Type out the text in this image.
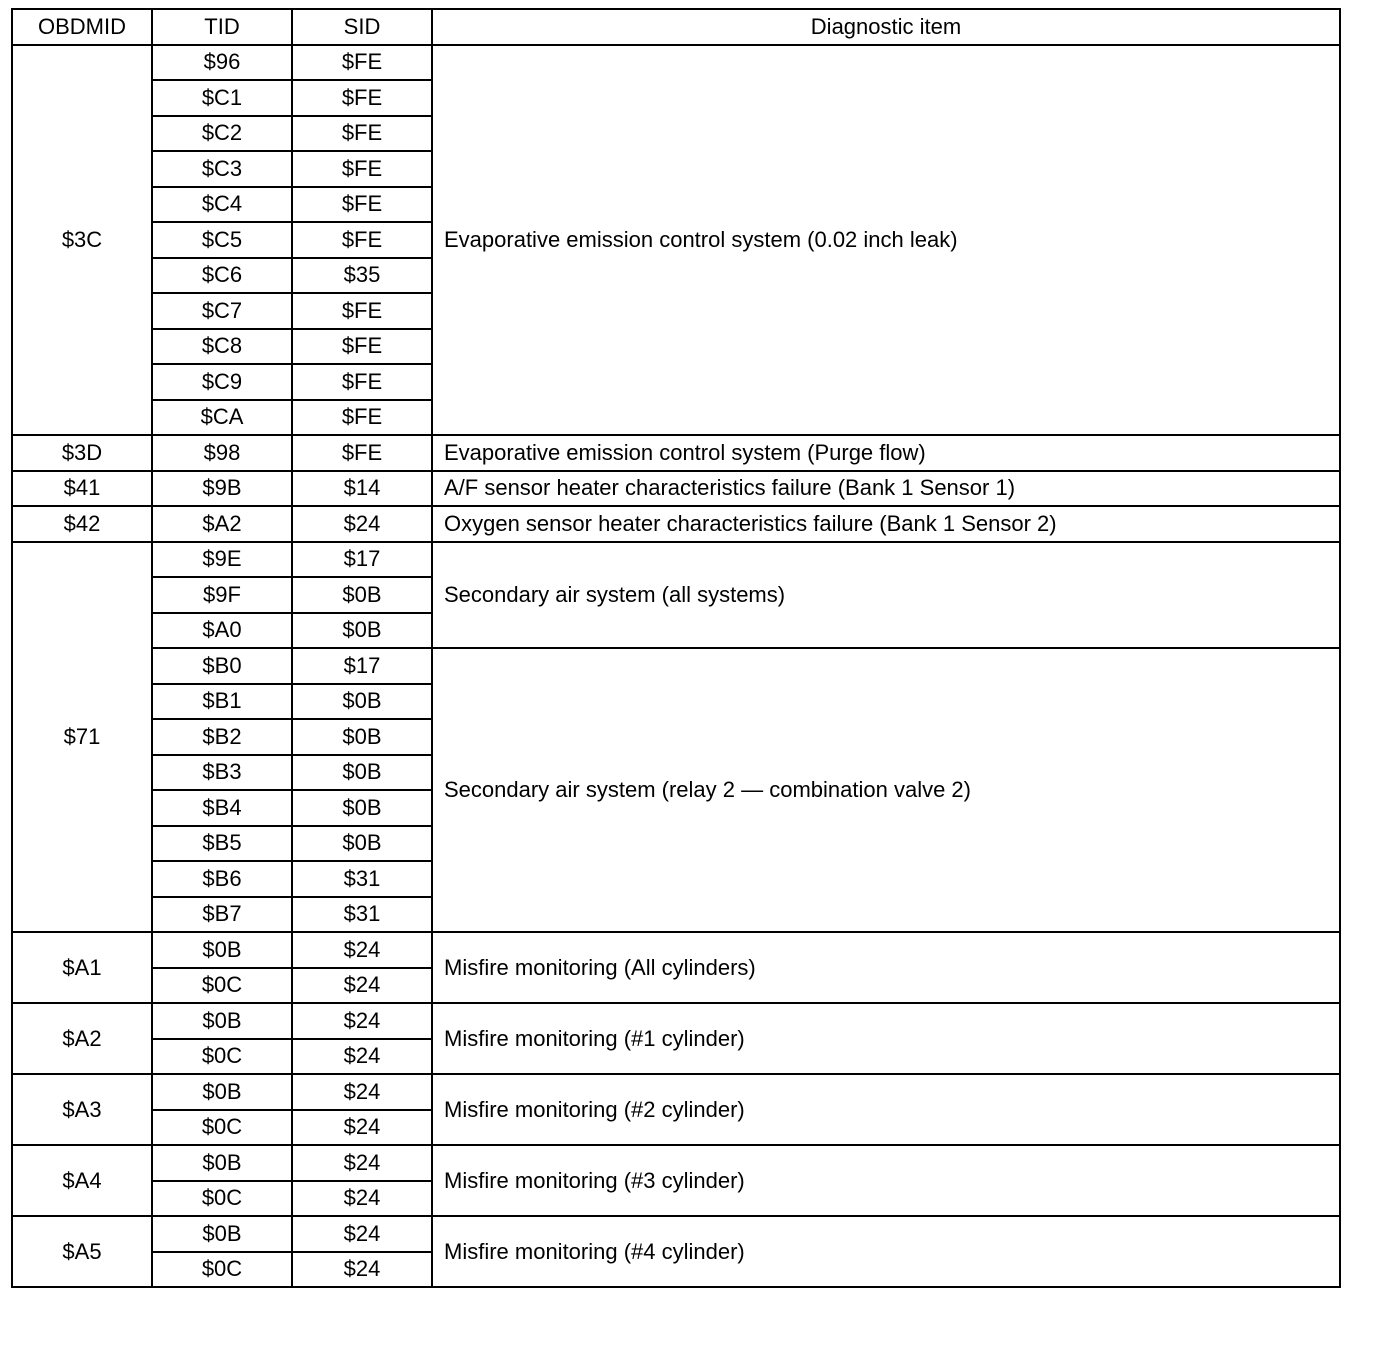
OBDMID	TID	SID	Diagnostic item
$3C	$96	$FE	Evaporative emission control system (0.02 inch leak)
	$C1	$FE	
	$C2	$FE	
	$C3	$FE	
	$C4	$FE	
	$C5	$FE	
	$C6	$35	
	$C7	$FE	
	$C8	$FE	
	$C9	$FE	
	$CA	$FE	
$3D	$98	$FE	Evaporative emission control system (Purge flow)
$41	$9B	$14	A/F sensor heater characteristics failure (Bank 1 Sensor 1)
$42	$A2	$24	Oxygen sensor heater characteristics failure (Bank 1 Sensor 2)
$71	$9E	$17	Secondary air system (all systems)
	$9F	$0B	
	$A0	$0B	
	$B0	$17	Secondary air system (relay 2 — combination valve 2)
	$B1	$0B	
	$B2	$0B	
	$B3	$0B	
	$B4	$0B	
	$B5	$0B	
	$B6	$31	
	$B7	$31	
$A1	$0B	$24	Misfire monitoring (All cylinders)
	$0C	$24	
$A2	$0B	$24	Misfire monitoring (#1 cylinder)
	$0C	$24	
$A3	$0B	$24	Misfire monitoring (#2 cylinder)
	$0C	$24	
$A4	$0B	$24	Misfire monitoring (#3 cylinder)
	$0C	$24	
$A5	$0B	$24	Misfire monitoring (#4 cylinder)
	$0C	$24	
